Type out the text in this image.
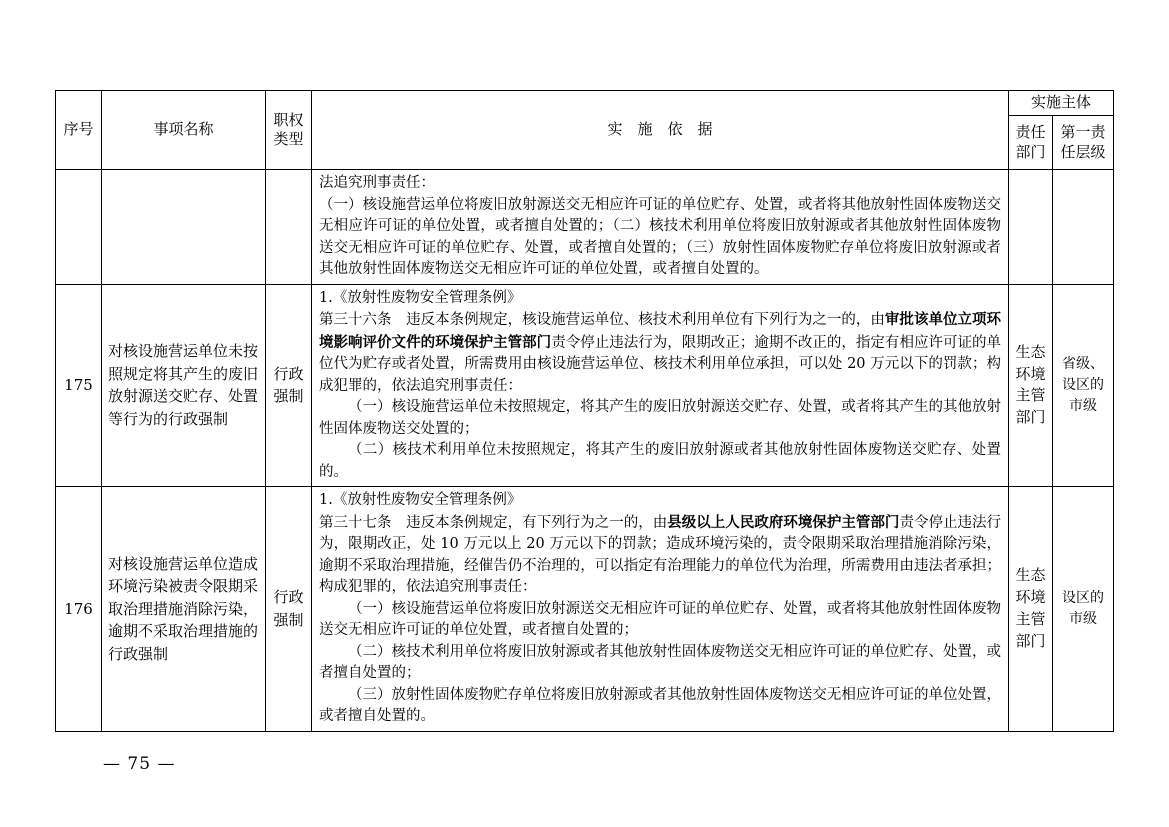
序号	事项名称	职权类型	实　施　依　据	实施主体	
				责任部门	第一责任层级

			法追究刑事责任：
（一）核设施营运单位将废旧放射源送交无相应许可证的单位贮存、处置，或者将其他放射性固体废物送交无相应许可证的单位处置，或者擅自处置的；（二）核技术利用单位将废旧放射源或者其他放射性固体废物送交无相应许可证的单位贮存、处置，或者擅自处置的；（三）放射性固体废物贮存单位将废旧放射源或者其他放射性固体废物送交无相应许可证的单位处置，或者擅自处置的。		

175	对核设施营运单位未按照规定将其产生的废旧放射源送交贮存、处置等行为的行政强制	行政强制	1.《放射性废物安全管理条例》
第三十六条　违反本条例规定，核设施营运单位、核技术利用单位有下列行为之一的，由审批该单位立项环境影响评价文件的环境保护主管部门责令停止违法行为，限期改正；逾期不改正的，指定有相应许可证的单位代为贮存或者处置，所需费用由核设施营运单位、核技术利用单位承担，可以处 20 万元以下的罚款；构成犯罪的，依法追究刑事责任：
（一）核设施营运单位未按照规定，将其产生的废旧放射源送交贮存、处置，或者将其产生的其他放射性固体废物送交处置的；
（二）核技术利用单位未按照规定，将其产生的废旧放射源或者其他放射性固体废物送交贮存、处置的。	生态环境主管部门	省级、设区的市级
176	对核设施营运单位造成环境污染被责令限期采取治理措施消除污染，逾期不采取治理措施的行政强制	行政强制	1.《放射性废物安全管理条例》
第三十七条　违反本条例规定，有下列行为之一的，由县级以上人民政府环境保护主管部门责令停止违法行为，限期改正，处 10 万元以上 20 万元以下的罚款；造成环境污染的，责令限期采取治理措施消除污染，逾期不采取治理措施，经催告仍不治理的，可以指定有治理能力的单位代为治理，所需费用由违法者承担；构成犯罪的，依法追究刑事责任：
（一）核设施营运单位将废旧放射源送交无相应许可证的单位贮存、处置，或者将其他放射性固体废物送交无相应许可证的单位处置，或者擅自处置的；
（二）核技术利用单位将废旧放射源或者其他放射性固体废物送交无相应许可证的单位贮存、处置，或者擅自处置的；
（三）放射性固体废物贮存单位将废旧放射源或者其他放射性固体废物送交无相应许可证的单位处置，或者擅自处置的。	生态环境主管部门	设区的市级
— 75 —
